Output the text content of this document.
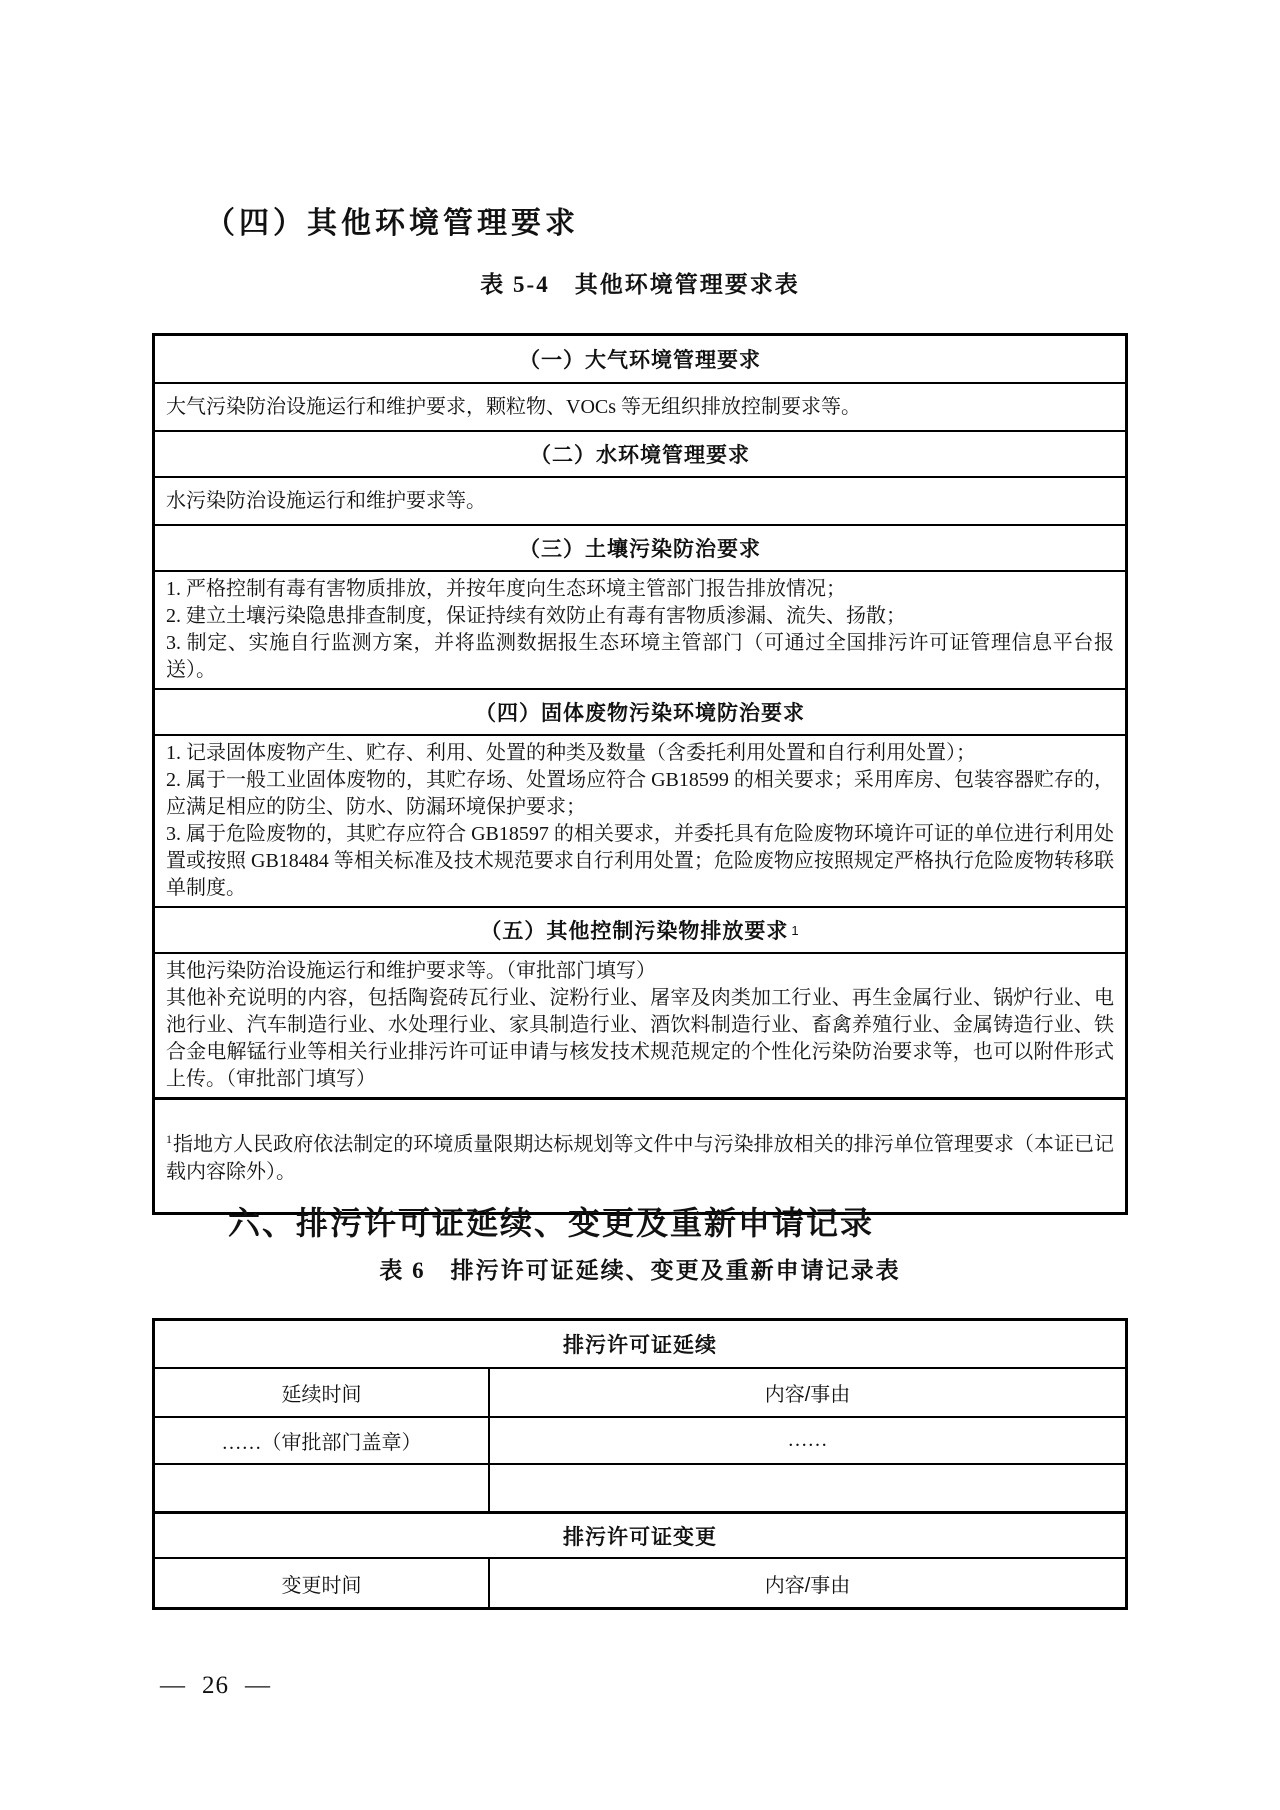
（四）其他环境管理要求
表 5-4　其他环境管理要求表
（一）大气环境管理要求

大气污染防治设施运行和维护要求，颗粒物、VOCs 等无组织排放控制要求等。

（二）水环境管理要求

水污染防治设施运行和维护要求等。

（三）土壤污染防治要求

1. 严格控制有毒有害物质排放，并按年度向生态环境主管部门报告排放情况；

2. 建立土壤污染隐患排查制度，保证持续有效防止有毒有害物质渗漏、流失、扬散；

3. 制定、实施自行监测方案，并将监测数据报生态环境主管部门（可通过全国排污许可证管理信息平台报送）。

（四）固体废物污染环境防治要求

1. 记录固体废物产生、贮存、利用、处置的种类及数量（含委托利用处置和自行利用处置）；

2. 属于一般工业固体废物的，其贮存场、处置场应符合 GB18599 的相关要求；采用库房、包装容器贮存的，应满足相应的防尘、防水、防漏环境保护要求；

3. 属于危险废物的，其贮存应符合 GB18597 的相关要求，并委托具有危险废物环境许可证的单位进行利用处置或按照 GB18484 等相关标准及技术规范要求自行利用处置；危险废物应按照规定严格执行危险废物转移联单制度。

（五）其他控制污染物排放要求 1

其他污染防治设施运行和维护要求等。（审批部门填写）

其他补充说明的内容，包括陶瓷砖瓦行业、淀粉行业、屠宰及肉类加工行业、再生金属行业、锅炉行业、电池行业、汽车制造行业、水处理行业、家具制造行业、酒饮料制造行业、畜禽养殖行业、金属铸造行业、铁合金电解锰行业等相关行业排污许可证申请与核发技术规范规定的个性化污染防治要求等，也可以附件形式上传。（审批部门填写）

$^1$指地方人民政府依法制定的环境质量限期达标规划等文件中与污染排放相关的排污单位管理要求（本证已记载内容除外）。

六、排污许可证延续、变更及重新申请记录
表 6　排污许可证延续、变更及重新申请记录表
排污许可证延续
延续时间	内容/事由
……（审批部门盖章）	……
排污许可证变更
变更时间	内容/事由
— 26 —
